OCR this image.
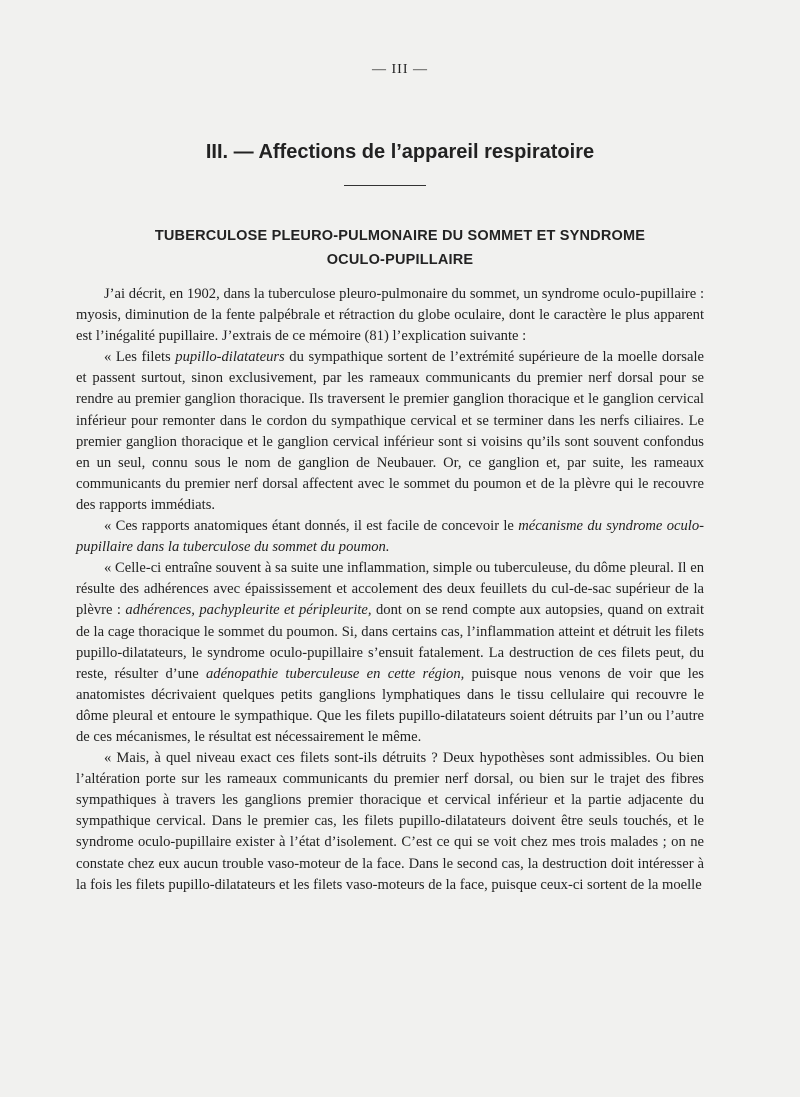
— III —
III. — Affections de l’appareil respiratoire
TUBERCULOSE PLEURO-PULMONAIRE DU SOMMET ET SYNDROME
OCULO-PUPILLAIRE

J’ai décrit, en 1902, dans la tuberculose pleuro-pulmonaire du sommet, un syndrome oculo-pupillaire : myosis, diminution de la fente palpébrale et rétraction du globe oculaire, dont le caractère le plus apparent est l’inégalité pupillaire. J’extrais de ce mémoire (81) l’explication suivante :

« Les filets pupillo-dilatateurs du sympathique sortent de l’extrémité supérieure de la moelle dorsale et passent surtout, sinon exclusivement, par les rameaux communicants du premier nerf dorsal pour se rendre au premier ganglion thoracique. Ils traversent le premier ganglion thoracique et le ganglion cervical inférieur pour remonter dans le cordon du sympathique cervical et se terminer dans les nerfs ciliaires. Le premier ganglion thoracique et le ganglion cervical inférieur sont si voisins qu’ils sont souvent confondus en un seul, connu sous le nom de ganglion de Neubauer. Or, ce ganglion et, par suite, les rameaux communicants du premier nerf dorsal affectent avec le sommet du poumon et de la plèvre qui le recouvre des rapports immédiats.

« Ces rapports anatomiques étant donnés, il est facile de concevoir le mécanisme du syndrome oculo-pupillaire dans la tuberculose du sommet du poumon.

« Celle-ci entraîne souvent à sa suite une inflammation, simple ou tuberculeuse, du dôme pleural. Il en résulte des adhérences avec épaississement et accolement des deux feuillets du cul-de-sac supérieur de la plèvre : adhérences, pachypleurite et péripleurite, dont on se rend compte aux autopsies, quand on extrait de la cage thoracique le sommet du poumon. Si, dans certains cas, l’inflammation atteint et détruit les filets pupillo-dilatateurs, le syndrome oculo-pupillaire s’ensuit fatalement. La destruction de ces filets peut, du reste, résulter d’une adénopathie tuberculeuse en cette région, puisque nous venons de voir que les anatomistes décrivaient quelques petits ganglions lymphatiques dans le tissu cellulaire qui recouvre le dôme pleural et entoure le sympathique. Que les filets pupillo-dilatateurs soient détruits par l’un ou l’autre de ces mécanismes, le résultat est nécessairement le même.

« Mais, à quel niveau exact ces filets sont-ils détruits ? Deux hypothèses sont admissibles. Ou bien l’altération porte sur les rameaux communicants du premier nerf dorsal, ou bien sur le trajet des fibres sympathiques à travers les ganglions premier thoracique et cervical inférieur et la partie adjacente du sympathique cervical. Dans le premier cas, les filets pupillo-dilatateurs doivent être seuls touchés, et le syndrome oculo-pupillaire exister à l’état d’isolement. C’est ce qui se voit chez mes trois malades ; on ne constate chez eux aucun trouble vaso-moteur de la face. Dans le second cas, la destruction doit intéresser à la fois les filets pupillo-dilatateurs et les filets vaso-moteurs de la face, puisque ceux-ci sortent de la moelle
